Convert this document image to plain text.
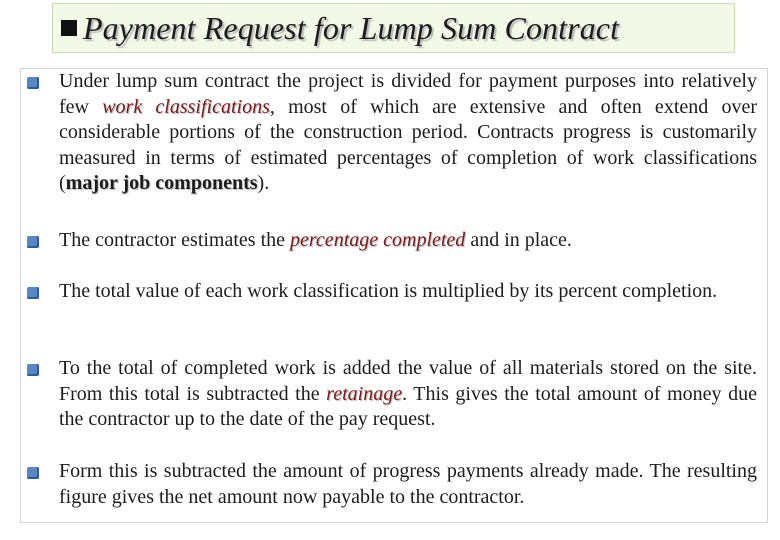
Payment Request for Lump Sum Contract
Under lump sum contract the project is divided for payment purposes into relatively few work classifications, most of which are extensive and often extend over considerable portions of the construction period. Contracts progress is customarily measured in terms of estimated percentages of completion of work classifications (major job components).
The contractor estimates the percentage completed and in place.
The total value of each work classification is multiplied by its percent completion.
To the total of completed work is added the value of all materials stored on the site. From this total is subtracted the retainage. This gives the total amount of money due the contractor up to the date of the pay request.
Form this is subtracted the amount of progress payments already made. The resulting figure gives the net amount now payable to the contractor.
